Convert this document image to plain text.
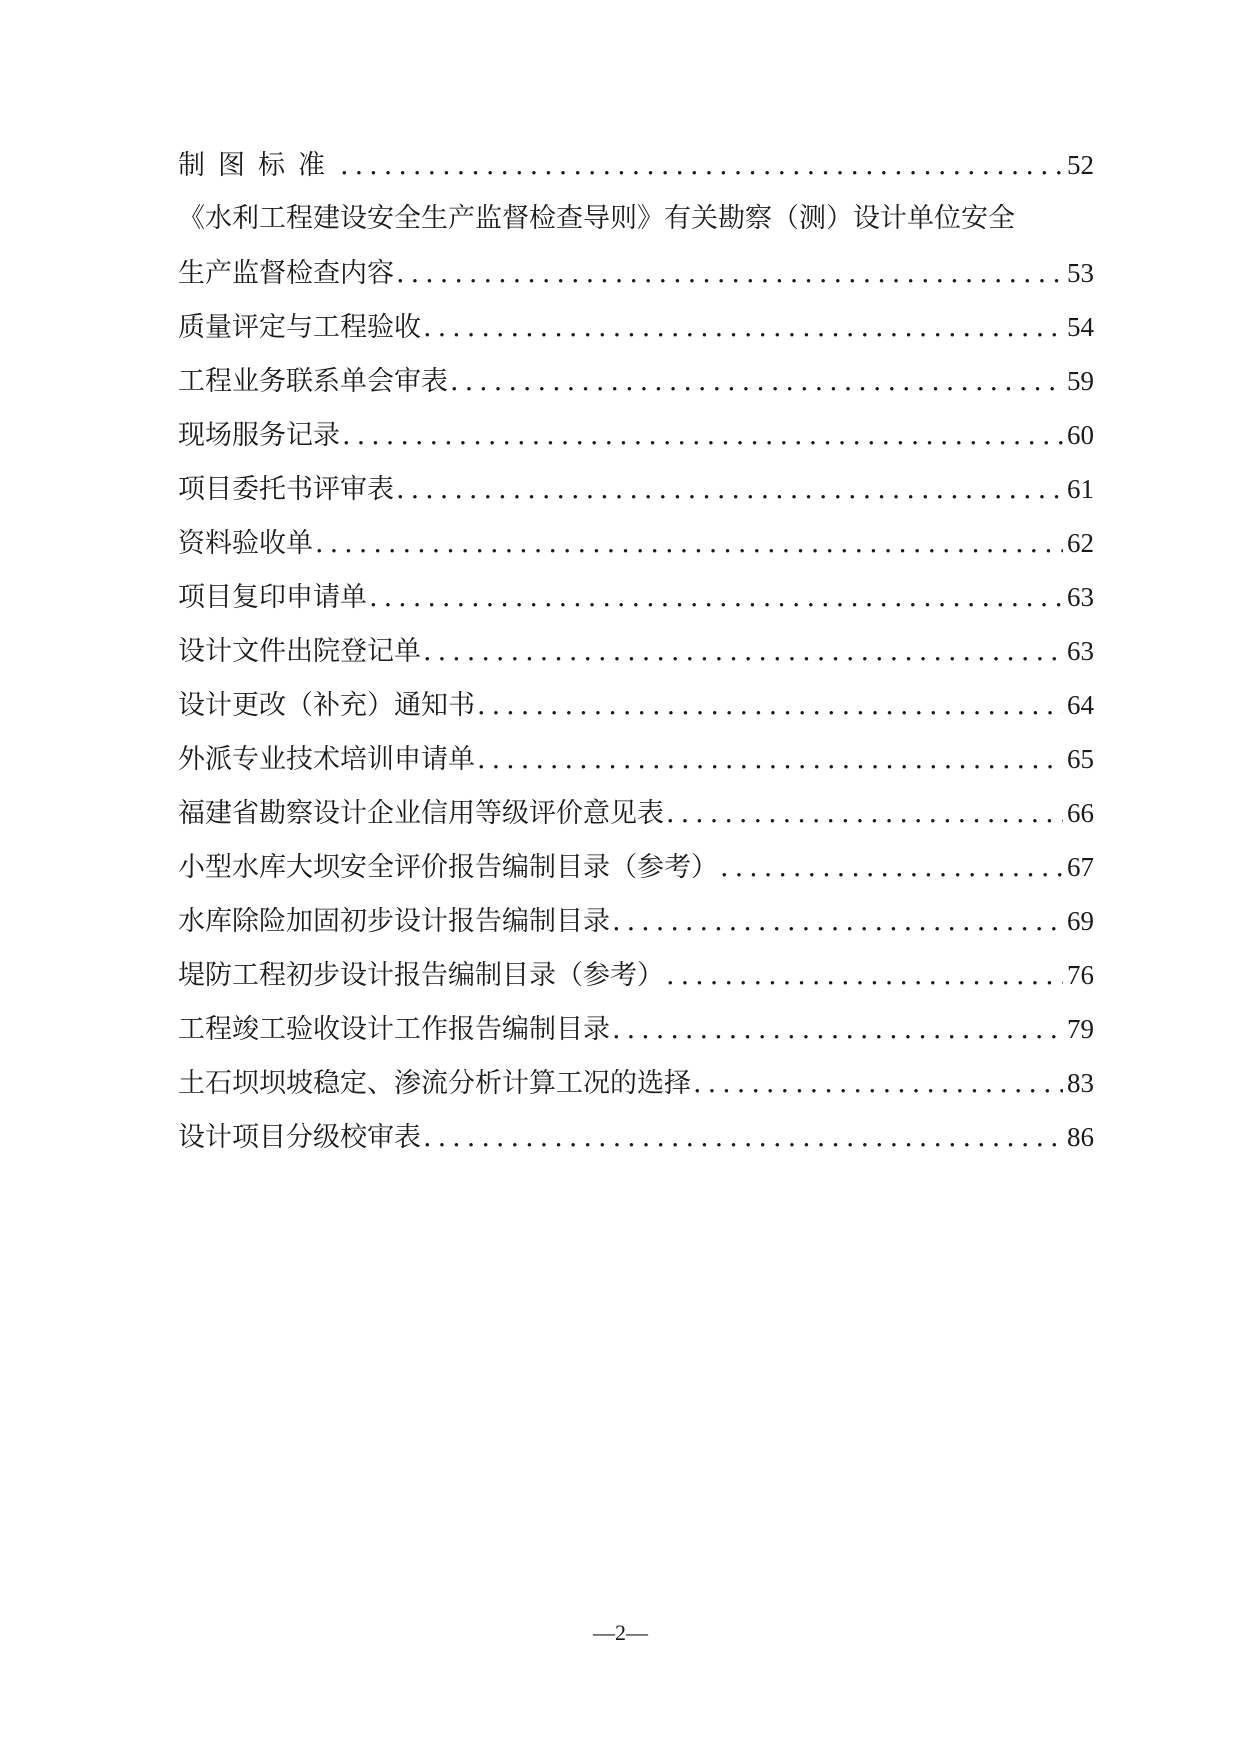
制图标准 .....	52
《水利工程建设安全生产监督检查导则》有关勘察（测）设计单位安全
生产监督检查内容 .....	53
质量评定与工程验收 .....	54
工程业务联系单会审表 .....	59
现场服务记录 .....	60
项目委托书评审表 .....	61
资料验收单 .....	62
项目复印申请单 .....	63
设计文件出院登记单 .....	63
设计更改（补充）通知书 .....	64
外派专业技术培训申请单 .....	65
福建省勘察设计企业信用等级评价意见表 .....	66
小型水库大坝安全评价报告编制目录（参考） .....	67
水库除险加固初步设计报告编制目录 .....	69
堤防工程初步设计报告编制目录（参考） .....	76
工程竣工验收设计工作报告编制目录 .....	79
土石坝坝坡稳定、渗流分析计算工况的选择 .....	83
设计项目分级校审表 .....	86
—2—
